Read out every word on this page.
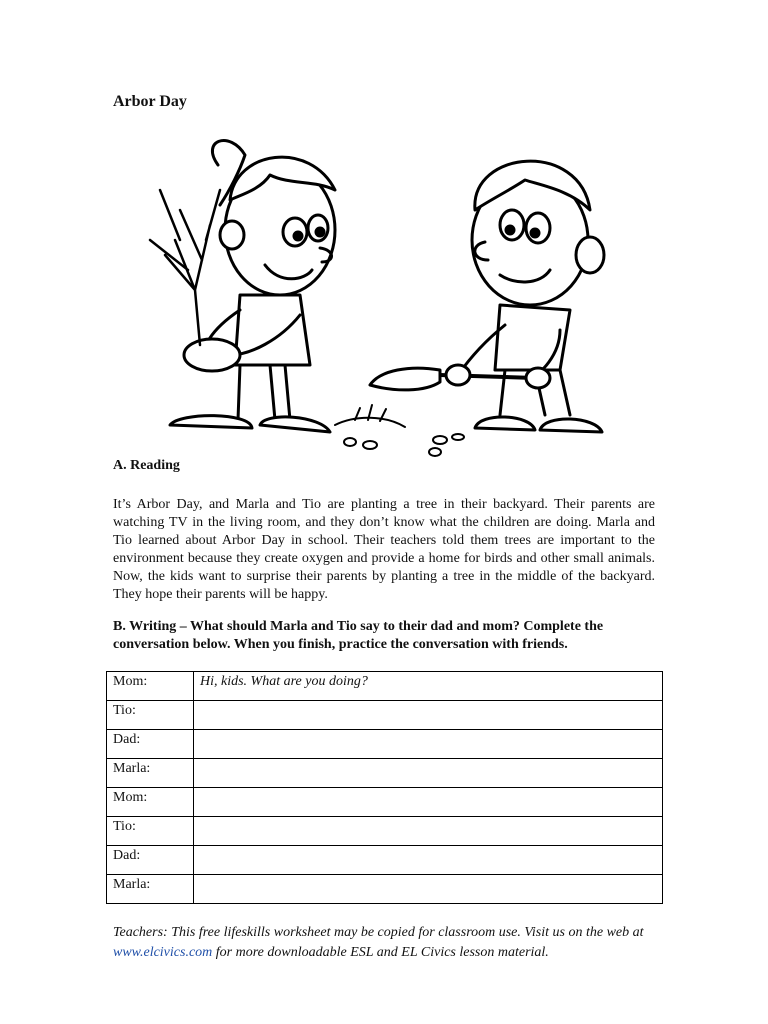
Arbor Day
A. Reading

It’s Arbor Day, and Marla and Tio are planting a tree in their backyard. Their parents are watching TV in the living room, and they don’t know what the children are doing. Marla and Tio learned about Arbor Day in school. Their teachers told them trees are important to the environment because they create oxygen and provide a home for birds and other small animals. Now, the kids want to surprise their parents by planting a tree in the middle of the backyard. They hope their parents will be happy.

B. Writing – What should Marla and Tio say to their dad and mom? Complete the conversation below. When you finish, practice the conversation with friends.

Mom:	Hi, kids. What are you doing?
Tio:	
Dad:	
Marla:	
Mom:	
Tio:	
Dad:	
Marla:	

Teachers: This free lifeskills worksheet may be copied for classroom use. Visit us on the web at www.elcivics.com for more downloadable ESL and EL Civics lesson material.
